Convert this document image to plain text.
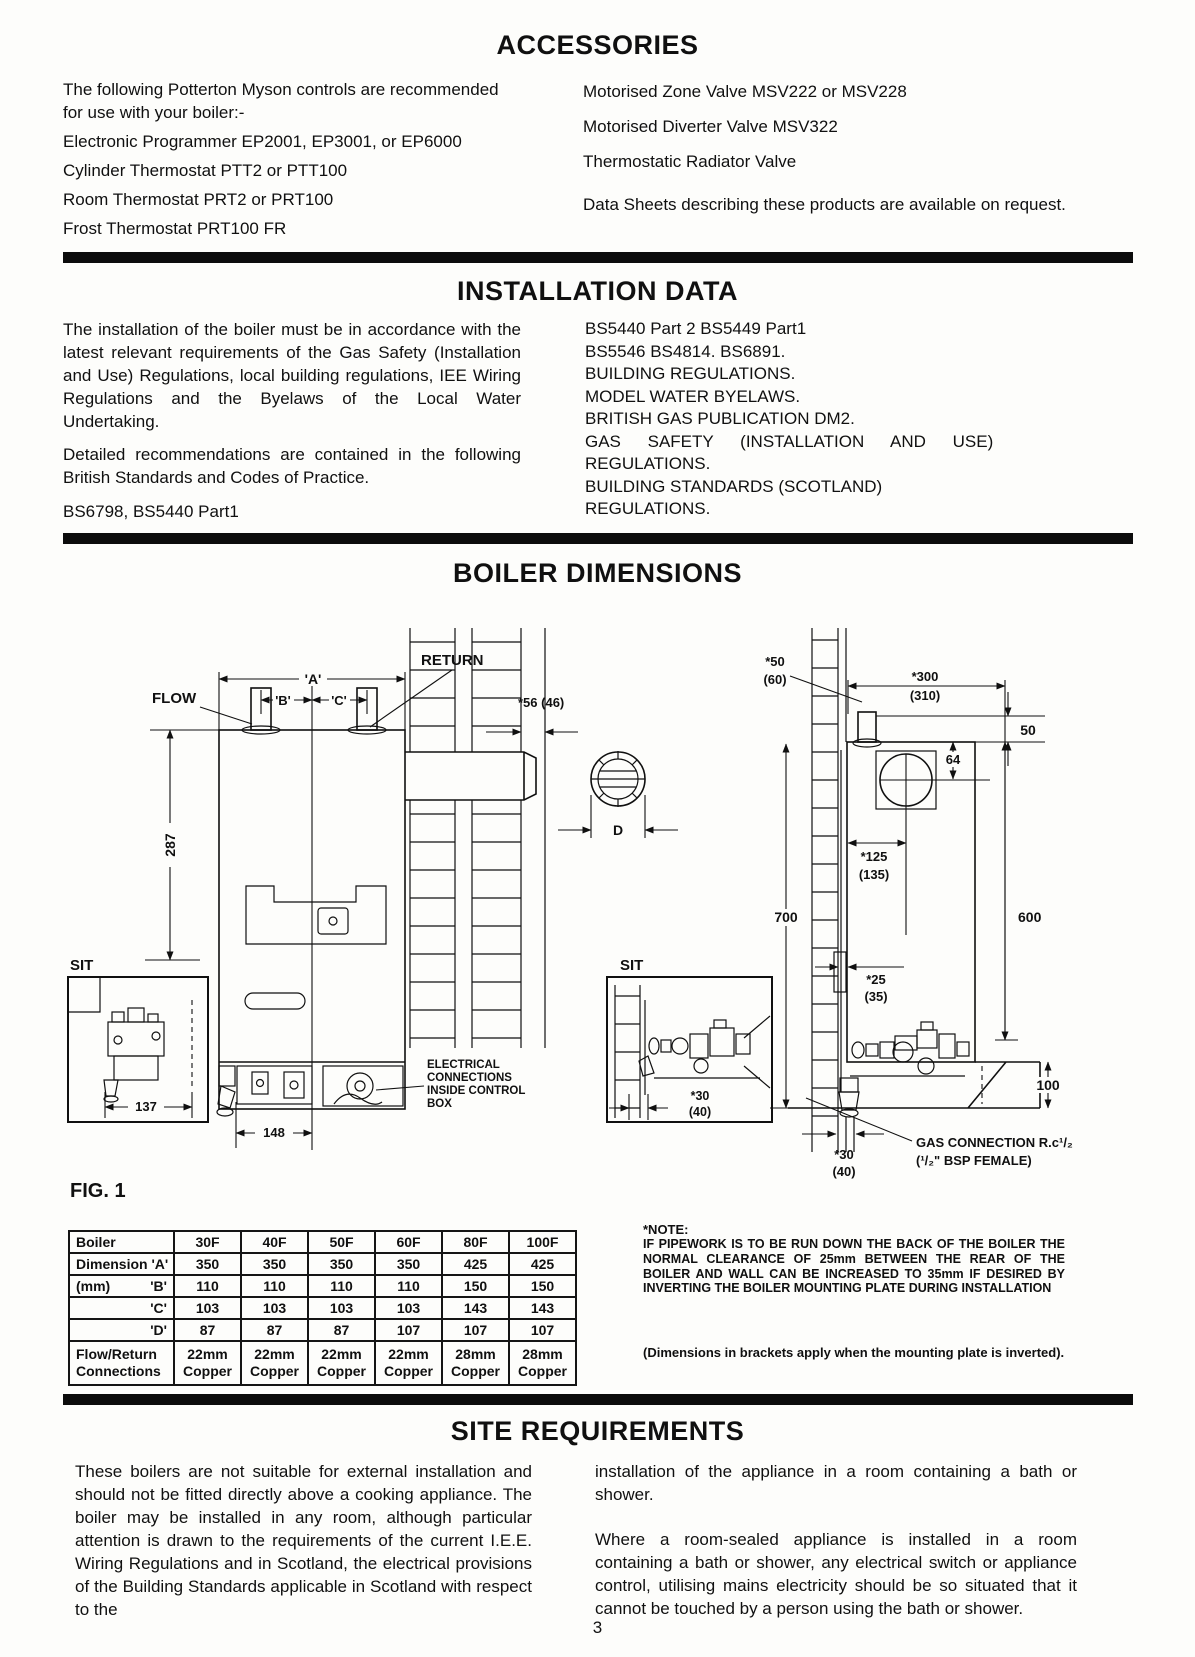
ACCESSORIES
The following Potterton Myson controls are recommended for use with your boiler:-
Electronic Programmer EP2001, EP3001, or EP6000
Cylinder Thermostat PTT2 or PTT100
Room Thermostat PRT2 or PRT100
Frost Thermostat PRT100 FR
Motorised Zone Valve MSV222 or MSV228
Motorised Diverter Valve MSV322
Thermostatic Radiator Valve
Data Sheets describing these products are available on request.
INSTALLATION DATA
The installation of the boiler must be in accordance with the latest relevant requirements of the Gas Safety (Installation and Use) Regulations, local building regulations, IEE Wiring Regulations and the Byelaws of the Local Water Undertaking.
Detailed recommendations are contained in the following British Standards and Codes of Practice.
BS6798, BS5440 Part1
BS5440 Part 2 BS5449 Part1
BS5546 BS4814. BS6891.
BUILDING REGULATIONS.
MODEL WATER BYELAWS.
BRITISH GAS PUBLICATION DM2.
GAS SAFETY (INSTALLATION AND USE)
REGULATIONS.
BUILDING STANDARDS (SCOTLAND)
REGULATIONS.
BOILER DIMENSIONS
'A'
'B'	'C'
287
FLOW
RETURN
*56 (46)
D
SIT
137
ELECTRICAL
CONNECTIONS
INSIDE CONTROL
BOX
148
*300
(310)
*50
(60)
50
64
*125
(135)
700	600
*25
(35)
100
GAS CONNECTION R.c¹/₂
(¹/₂" BSP FEMALE)
*30
(40)
SIT
*30
(40)
FIG. 1
Boiler	30F	40F	50F	60F	80F	100F
Dimension 'A'	350	350	350	350	425	425
(mm) 'B'	110	110	110	110	150	150

'C'	103	103	103	103	143	143

'D'	87	87	87	107	107	107
Flow/Return Connections	22mm Copper	22mm Copper	22mm Copper	22mm Copper	28mm Copper	28mm Copper
*NOTE:
IF PIPEWORK IS TO BE RUN DOWN THE BACK OF THE BOILER THE NORMAL CLEARANCE OF 25mm BETWEEN THE REAR OF THE BOILER AND WALL CAN BE INCREASED TO 35mm IF DESIRED BY INVERTING THE BOILER MOUNTING PLATE DURING INSTALLATION
(Dimensions in brackets apply when the mounting plate is inverted).
SITE REQUIREMENTS
These boilers are not suitable for external installation and should not be fitted directly above a cooking appliance. The boiler may be installed in any room, although particular attention is drawn to the requirements of the current I.E.E. Wiring Regulations and in Scotland, the electrical provisions of the Building Standards applicable in Scotland with respect to the
installation of the appliance in a room containing a bath or shower.
Where a room-sealed appliance is installed in a room containing a bath or shower, any electrical switch or appliance control, utilising mains electricity should be so situated that it cannot be touched by a person using the bath or shower.
3
